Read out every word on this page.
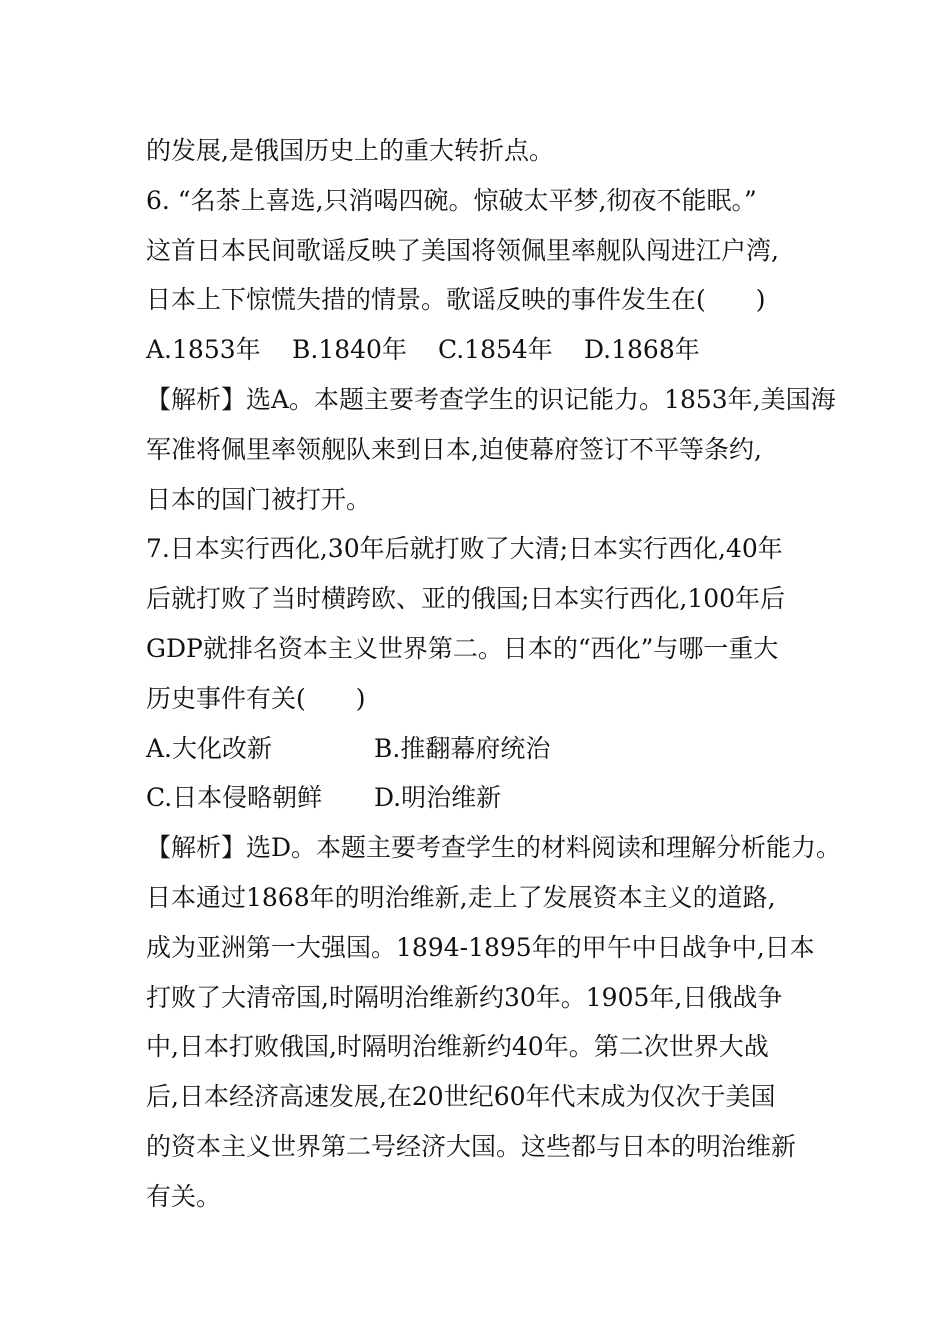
的发展,是俄国历史上的重大转折点。
6. “名茶上喜选,只消喝四碗。惊破太平梦,彻夜不能眠。”
这首日本民间歌谣反映了美国将领佩里率舰队闯进江户湾,
日本上下惊慌失措的情景。歌谣反映的事件发生在(　　)
A.1853年	B.1840年	C.1854年	D.1868年
【解析】选A。本题主要考查学生的识记能力。1853年,美国海
军准将佩里率领舰队来到日本,迫使幕府签订不平等条约,
日本的国门被打开。
7.日本实行西化,30年后就打败了大清;日本实行西化,40年
后就打败了当时横跨欧、亚的俄国;日本实行西化,100年后
GDP就排名资本主义世界第二。日本的“西化”与哪一重大
历史事件有关(　　)
A.大化改新	B.推翻幕府统治
C.日本侵略朝鲜	D.明治维新
【解析】选D。本题主要考查学生的材料阅读和理解分析能力。
日本通过1868年的明治维新,走上了发展资本主义的道路,
成为亚洲第一大强国。1894-1895年的甲午中日战争中,日本
打败了大清帝国,时隔明治维新约30年。1905年,日俄战争
中,日本打败俄国,时隔明治维新约40年。第二次世界大战
后,日本经济高速发展,在20世纪60年代末成为仅次于美国
的资本主义世界第二号经济大国。这些都与日本的明治维新
有关。
